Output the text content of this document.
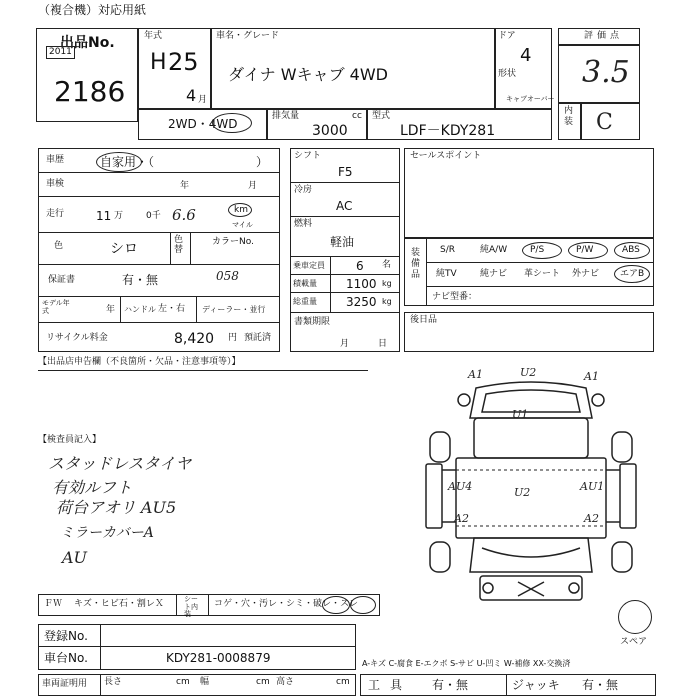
（複合機）対応用紙
出品No.
2011
2186
年式
H 25
4 月
車名・グレード
ダイナ Wキャブ 4WD
ドア
4
形状
キャブオーバー
2WD・4WD
排気量	cc
3000
型式
LDF－KDY281
評価点
3.5
内装 C
車歴	自家用・（	）
車検	年	月
走行	11 万	0千 6.6	km
マイル
色	シロ
色替
カラーNo.
058
保証書	有・無
モデル年式	年 ハンドル 左・右 ディーラー・並行
リサイクル料金	8,420 円 預託済
シフト
F5
冷房
AC
燃料
軽油
乗車定員	6 名
積載量 1100 kg
総重量 3250 kg
書類期限
月	日
セールスポイント
装備品
S/R	純A/W	P/S	P/W	ABS
純TV	純ナビ 革シート 外ナビ エアB
ナビ型番：
後日品
【出品店申告欄（不良箇所・欠品・注意事項等）】
【検査員記入】
スタッドレスタイヤ
有効ルフト
荷台アオリ AU5
ミラーカバーA
AU
A1	U2	A1
U1
AU4	U2	AU1
A2	A2
スペア
ＦＷ キズ・ヒビ石・割レＸ	シート内装
コゲ・穴・汚レ・シミ・破レ・スレ
登録No.
車台No.	KDY281-0008879
車両証明用 長さ	cm 幅	cm 高さ	cm
A-キズ C-腐食 E-エクボ S-サビ U-凹ミ W-補修 XX-交換済
工具 有・無	ジャッキ 有・無
